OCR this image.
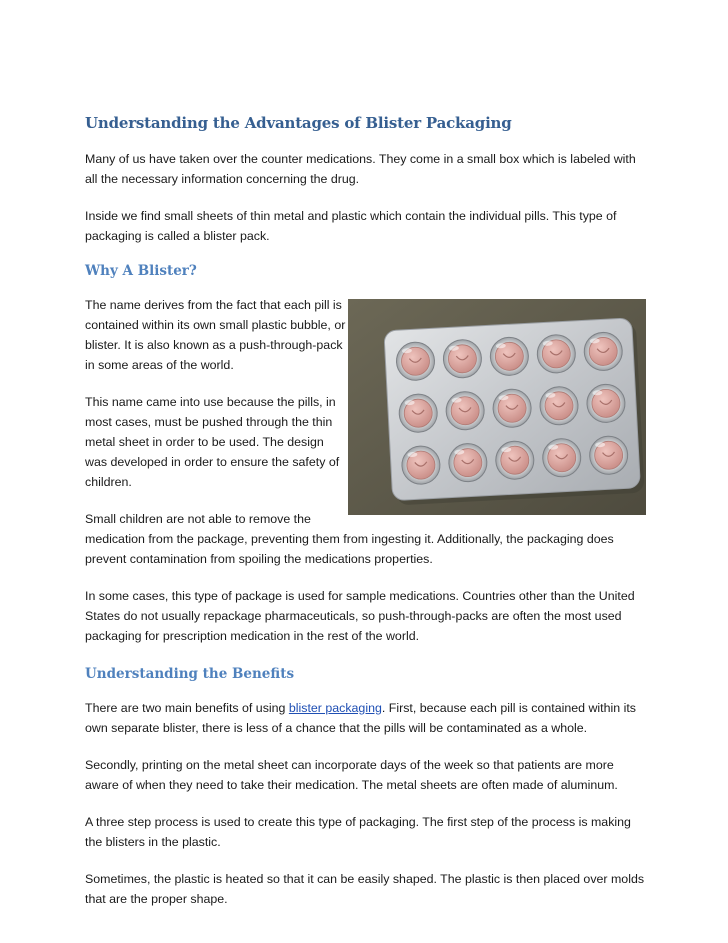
Understanding the Advantages of Blister Packaging

Many of us have taken over the counter medications. They come in a small box which is labeled with all the necessary information concerning the drug.

Inside we find small sheets of thin metal and plastic which contain the individual pills. This type of packaging is called a blister pack.

Why A Blister?

The name derives from the fact that each pill is contained within its own small plastic bubble, or blister. It is also known as a push-through-pack in some areas of the world.

This name came into use because the pills, in most cases, must be pushed through the thin metal sheet in order to be used. The design was developed in order to ensure the safety of children.

Small children are not able to remove the medication from the package, preventing them from ingesting it. Additionally, the packaging does prevent contamination from spoiling the medications properties.

In some cases, this type of package is used for sample medications. Countries other than the United States do not usually repackage pharmaceuticals, so push-through-packs are often the most used packaging for prescription medication in the rest of the world.

Understanding the Benefits

There are two main benefits of using blister packaging. First, because each pill is contained within its own separate blister, there is less of a chance that the pills will be contaminated as a whole.

Secondly, printing on the metal sheet can incorporate days of the week so that patients are more aware of when they need to take their medication. The metal sheets are often made of aluminum.

A three step process is used to create this type of packaging. The first step of the process is making the blisters in the plastic.

Sometimes, the plastic is heated so that it can be easily shaped. The plastic is then placed over molds that are the proper shape.
